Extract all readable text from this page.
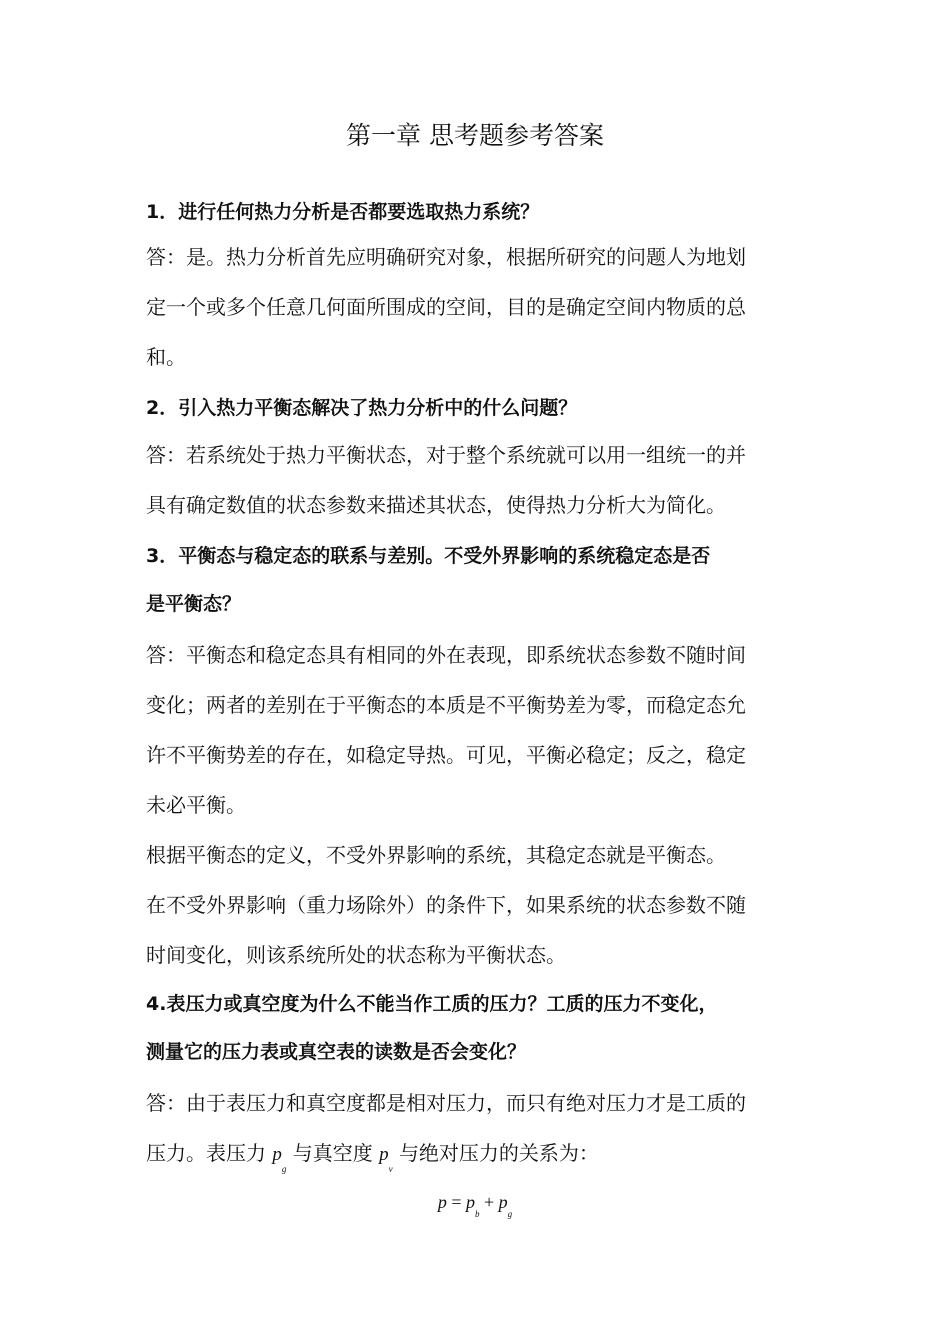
第一章 思考题参考答案

1．进行任何热力分析是否都要选取热力系统？

答：是。热力分析首先应明确研究对象，根据所研究的问题人为地划
定一个或多个任意几何面所围成的空间，目的是确定空间内物质的总
和。

2．引入热力平衡态解决了热力分析中的什么问题？

答：若系统处于热力平衡状态，对于整个系统就可以用一组统一的并
具有确定数值的状态参数来描述其状态，使得热力分析大为简化。

3．平衡态与稳定态的联系与差别。不受外界影响的系统稳定态是否
是平衡态？

答：平衡态和稳定态具有相同的外在表现，即系统状态参数不随时间
变化；两者的差别在于平衡态的本质是不平衡势差为零，而稳定态允
许不平衡势差的存在，如稳定导热。可见，平衡必稳定；反之，稳定
未必平衡。
根据平衡态的定义，不受外界影响的系统，其稳定态就是平衡态。
在不受外界影响（重力场除外）的条件下，如果系统的状态参数不随
时间变化，则该系统所处的状态称为平衡状态。

4.表压力或真空度为什么不能当作工质的压力？工质的压力不变化，
测量它的压力表或真空表的读数是否会变化？

答：由于表压力和真空度都是相对压力，而只有绝对压力才是工质的
压力。表压力 $p_g$ 与真空度 $p_v$ 与绝对压力的关系为：

$p = p_b + p_g$
